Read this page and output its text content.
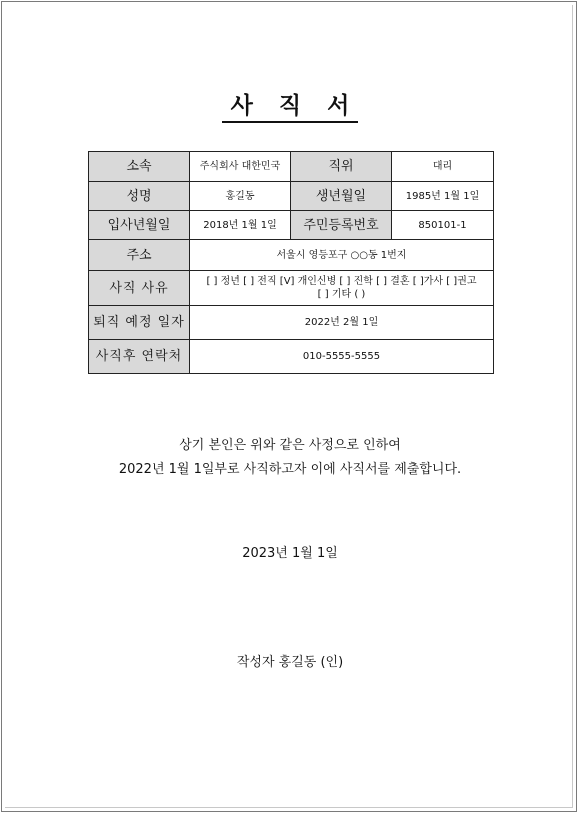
사 직 서
소속	주식회사 대한민국	직위	대리
성명	홍길동	생년월일	1985년 1월 1일
입사년월일	2018년 1월 1일	주민등록번호	850101-1
주소	서울시 영등포구 ○○동 1번지		
사직 사유	[ ] 정년 [ ] 전직 [V] 개인신병 [ ] 진학 [ ] 결혼 [ ]가사 [ ]권고
[ ] 기타 ( )		

퇴직 예정 일자	2022년 2월 1일		
사직후 연락처	010-5555-5555		
상기 본인은 위와 같은 사정으로 인하여
2022년 1월 1일부로 사직하고자 이에 사직서를 제출합니다.
2023년 1월 1일
작성자 홍길동 (인)
